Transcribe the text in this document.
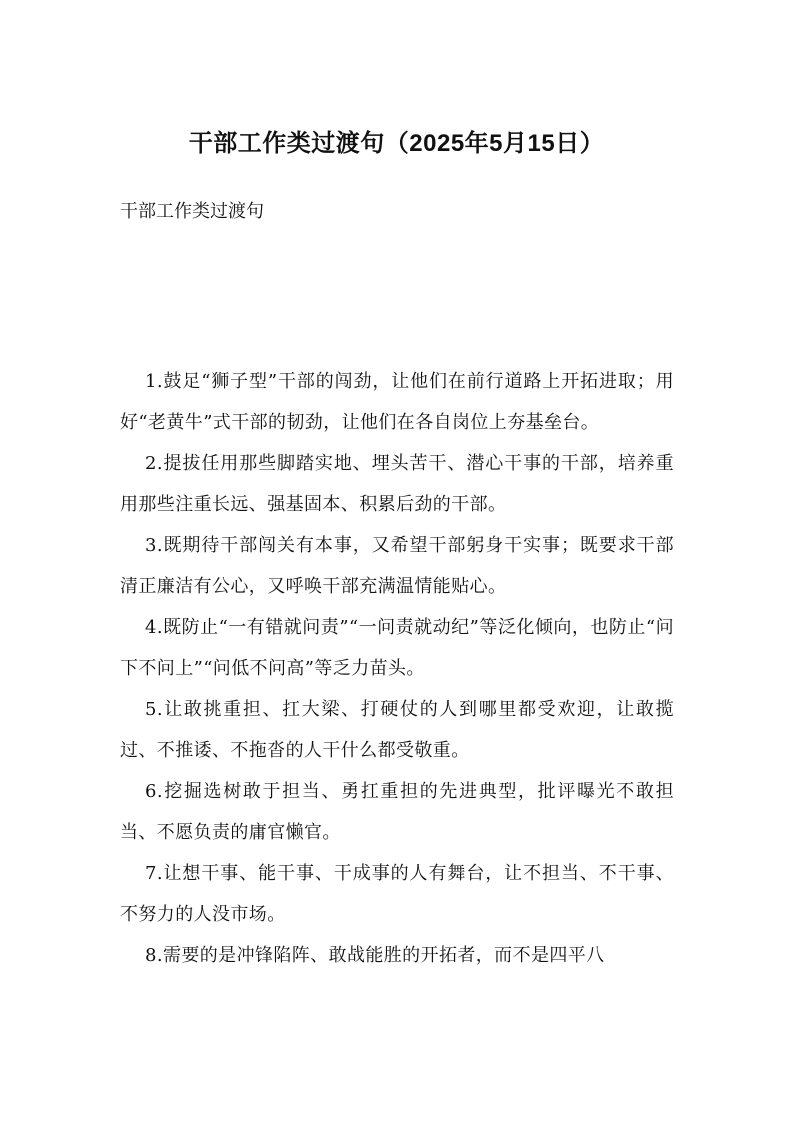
干部工作类过渡句（2025年5月15日）

干部工作类过渡句

1.鼓足“狮子型”干部的闯劲，让他们在前行道路上开拓进取；用好“老黄牛”式干部的韧劲，让他们在各自岗位上夯基垒台。
2.提拔任用那些脚踏实地、埋头苦干、潜心干事的干部，培养重用那些注重长远、强基固本、积累后劲的干部。
3.既期待干部闯关有本事，又希望干部躬身干实事；既要求干部清正廉洁有公心，又呼唤干部充满温情能贴心。
4.既防止“一有错就问责”“一问责就动纪”等泛化倾向，也防止“问下不问上”“问低不问高”等乏力苗头。
5.让敢挑重担、扛大梁、打硬仗的人到哪里都受欢迎，让敢揽过、不推诿、不拖沓的人干什么都受敬重。
6.挖掘选树敢于担当、勇扛重担的先进典型，批评曝光不敢担当、不愿负责的庸官懒官。
7.让想干事、能干事、干成事的人有舞台，让不担当、不干事、不努力的人没市场。
8.需要的是冲锋陷阵、敢战能胜的开拓者，而不是四平八
